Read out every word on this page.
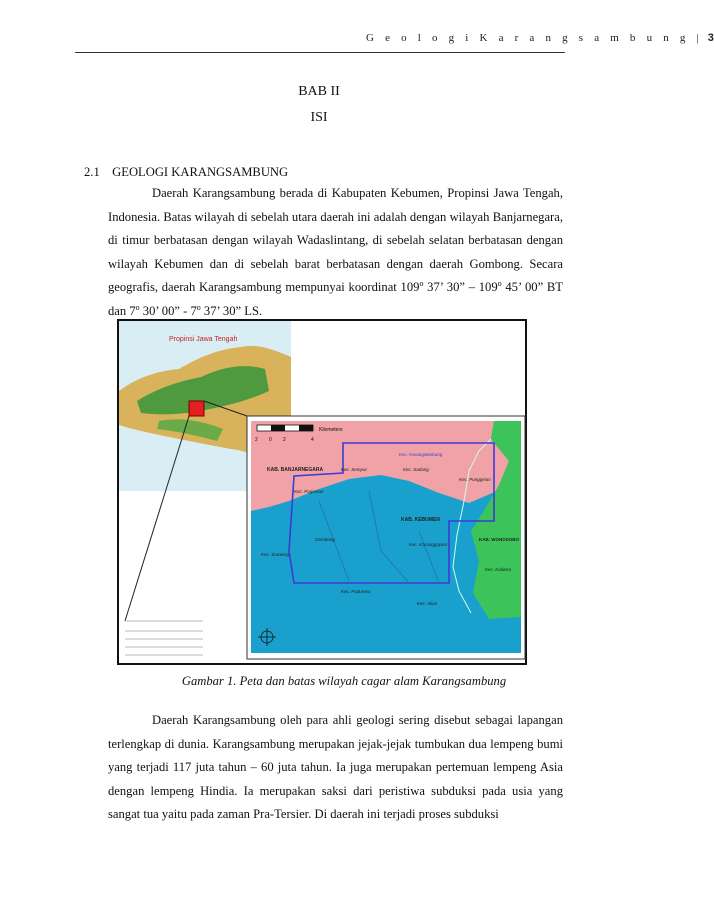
G e o l o g i K a r a n g s a m b u n g | 3
BAB II
ISI
2.1 GEOLOGI KARANGSAMBUNG

Daerah Karangsambung berada di Kabupaten Kebumen, Propinsi Jawa Tengah, Indonesia. Batas wilayah di sebelah utara daerah ini adalah dengan wilayah Banjarnegara, di timur berbatasan dengan wilayah Wadaslintang, di sebelah selatan berbatasan dengan wilayah Kebumen dan di sebelah barat berbatasan dengan daerah Gombong. Secara geografis, daerah Karangsambung mempunyai koordinat 109$^o$ 37’ 30” – 109$^o$ 45’ 00” BT dan 7$^o$ 30’ 00” - 7$^o$ 37’ 30” LS.

Propinsi Jawa Tengah
2 0 2	4
Kilometers
KAB. BANJARNEGARA
KAB. WONOSOBO
KAB. KEBUMEN
Kec. Karangsambung
Kec. Sempor	Kec. Sadang
Kec. Punggelan
Kec. Pagentan
Gombong
Kec. Karanggayam
Kec. Sruweng
Kec. Kaliwiro
Kec. Padureso
Kec. Alian
Gambar 1. Peta dan batas wilayah cagar alam Karangsambung

Daerah Karangsambung oleh para ahli geologi sering disebut sebagai lapangan terlengkap di dunia. Karangsambung merupakan jejak-jejak tumbukan dua lempeng bumi yang terjadi 117 juta tahun – 60 juta tahun. Ia juga merupakan pertemuan lempeng Asia dengan lempeng Hindia. Ia merupakan saksi dari peristiwa subduksi pada usia yang sangat tua yaitu pada zaman Pra-Tersier. Di daerah ini terjadi proses subduksi
